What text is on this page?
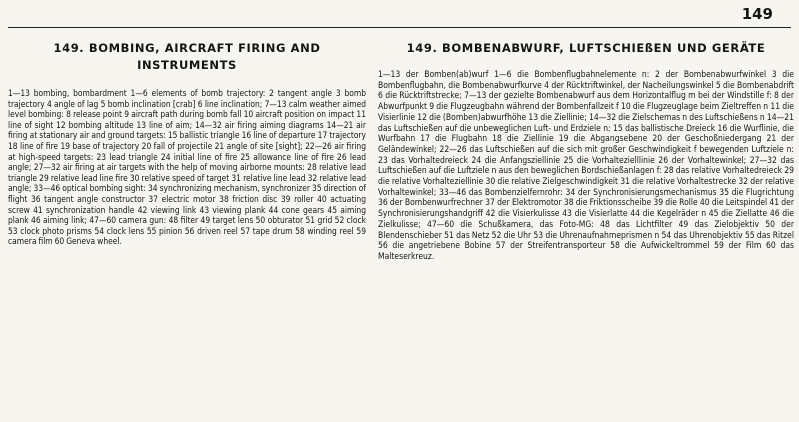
149
149. BOMBING, AIRCRAFT FIRING AND INSTRUMENTS
1—13 bombing, bombardment 1—6 elements of bomb trajectory: 2 tangent angle 3 bomb trajectory 4 angle of lag 5 bomb inclination [crab] 6 line inclination; 7—13 calm weather aimed level bombing: 8 release point 9 aircraft path during bomb fall 10 aircraft position on impact 11 line of sight 12 bombing altitude 13 line of aim; 14—32 air firing aiming diagrams 14—21 air firing at stationary air and ground targets: 15 ballistic triangle 16 line of departure 17 trajectory 18 line of fire 19 base of trajectory 20 fall of projectile 21 angle of site [sight]; 22—26 air firing at high-speed targets: 23 lead triangle 24 initial line of fire 25 allowance line of fire 26 lead angle; 27—32 air firing at air targets with the help of moving airborne mounts: 28 relative lead triangle 29 relative lead line fire 30 relative speed of target 31 relative line lead 32 relative lead angle; 33—46 optical bombing sight: 34 synchronizing mechanism, synchronizer 35 direction of flight 36 tangent angle constructor 37 electric motor 38 friction disc 39 roller 40 actuating screw 41 synchronization handle 42 viewing link 43 viewing plank 44 cone gears 45 aiming plank 46 aiming link; 47—60 camera gun: 48 filter 49 target lens 50 obturator 51 grid 52 clock 53 clock photo prisms 54 clock lens 55 pinion 56 driven reel 57 tape drum 58 winding reel 59 camera film 60 Geneva wheel.
149. BOMBENABWURF, LUFTSCHIEßEN UND GERÄTE
1—13 der Bomben(ab)wurf 1—6 die Bombenflugbahnelemente n: 2 der Bombenabwurfwinkel 3 die Bombenflugbahn, die Bombenabwurfkurve 4 der Rücktriftwinkel, der Nacheilungswinkel 5 die Bombenabdrift 6 die Rücktriftstrecke; 7—13 der gezielte Bombenabwurf aus dem Horizontalflug m bei der Windstille f: 8 der Abwurfpunkt 9 die Flugzeugbahn während der Bombenfallzeit f 10 die Flugzeuglage beim Zieltreffen n 11 die Visierlinie 12 die (Bomben)abwurfhöhe 13 die Ziellinie; 14—32 die Zielschemas n des Luftschießens n 14—21 das Luftschießen auf die unbeweglichen Luft- und Erdziele n: 15 das ballistische Dreieck 16 die Wurflinie, die Wurfbahn 17 die Flugbahn 18 die Ziellinie 19 die Abgangsebene 20 der Geschoßniedergang 21 der Geländewinkel; 22—26 das Luftschießen auf die sich mit großer Geschwindigkeit f bewegenden Luftziele n: 23 das Vorhaltedreieck 24 die Anfangsziellinie 25 die Vorhaltezielllinie 26 der Vorhaltewinkel; 27—32 das Luftschießen auf die Luftziele n aus den beweglichen Bordschießanlagen f: 28 das relative Vorhaltedreieck 29 die relative Vorhalteziellinie 30 die relative Zielgeschwindigkeit 31 die relative Vorhaltestrecke 32 der relative Vorhaltewinkel; 33—46 das Bombenzielfernrohr: 34 der Synchronisierungsmechanismus 35 die Flugrichtung 36 der Bombenwurfrechner 37 der Elektromotor 38 die Friktionsscheibe 39 die Rolle 40 die Leitspindel 41 der Synchronisierungshandgriff 42 die Visierkulisse 43 die Visierlatte 44 die Kegelräder n 45 die Ziellatte 46 die Zielkulisse; 47—60 die Schußkamera, das Foto-MG: 48 das Lichtfilter 49 das Zielobjektiv 50 der Blendenschieber 51 das Netz 52 die Uhr 53 die Uhrenaufnahmeprismen n 54 das Uhrenobjektiv 55 das Ritzel 56 die angetriebene Bobine 57 der Streifentransporteur 58 die Aufwickeltrommel 59 der Film 60 das Malteserkreuz.
